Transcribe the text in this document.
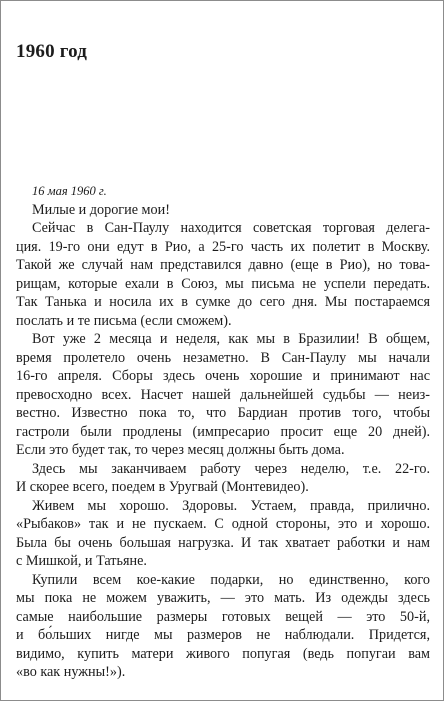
1960 год
16 мая 1960 г.
Милые и дорогие мои!
Сейчас в Сан-Паулу находится советская торговая делега-
ция. 19-го они едут в Рио, а 25-го часть их полетит в Москву.
Такой же случай нам представился давно (еще в Рио), но това-
рищам, которые ехали в Союз, мы письма не успели передать.
Так Танька и носила их в сумке до сего дня. Мы постараемся
послать и те письма (если сможем).
Вот уже 2 месяца и неделя, как мы в Бразилии! В общем,
время пролетело очень незаметно. В Сан-Паулу мы начали
16-го апреля. Сборы здесь очень хорошие и принимают нас
превосходно всех. Насчет нашей дальнейшей судьбы — неиз-
вестно. Известно пока то, что Бардиан против того, чтобы
гастроли были продлены (импресарио просит еще 20 дней).
Если это будет так, то через месяц должны быть дома.
Здесь мы заканчиваем работу через неделю, т.е. 22-го.
И скорее всего, поедем в Уругвай (Монтевидео).
Живем мы хорошо. Здоровы. Устаем, правда, прилично.
«Рыбаков» так и не пускаем. С одной стороны, это и хорошо.
Была бы очень большая нагрузка. И так хватает работки и нам
с Мишкой, и Татьяне.
Купили всем кое-какие подарки, но единственно, кого
мы пока не можем уважить, — это мать. Из одежды здесь
самые наибольшие размеры готовых вещей — это 50-й,
и бо́льших нигде мы размеров не наблюдали. Придется,
видимо, купить матери живого попугая (ведь попугаи вам
«во как нужны!»).
